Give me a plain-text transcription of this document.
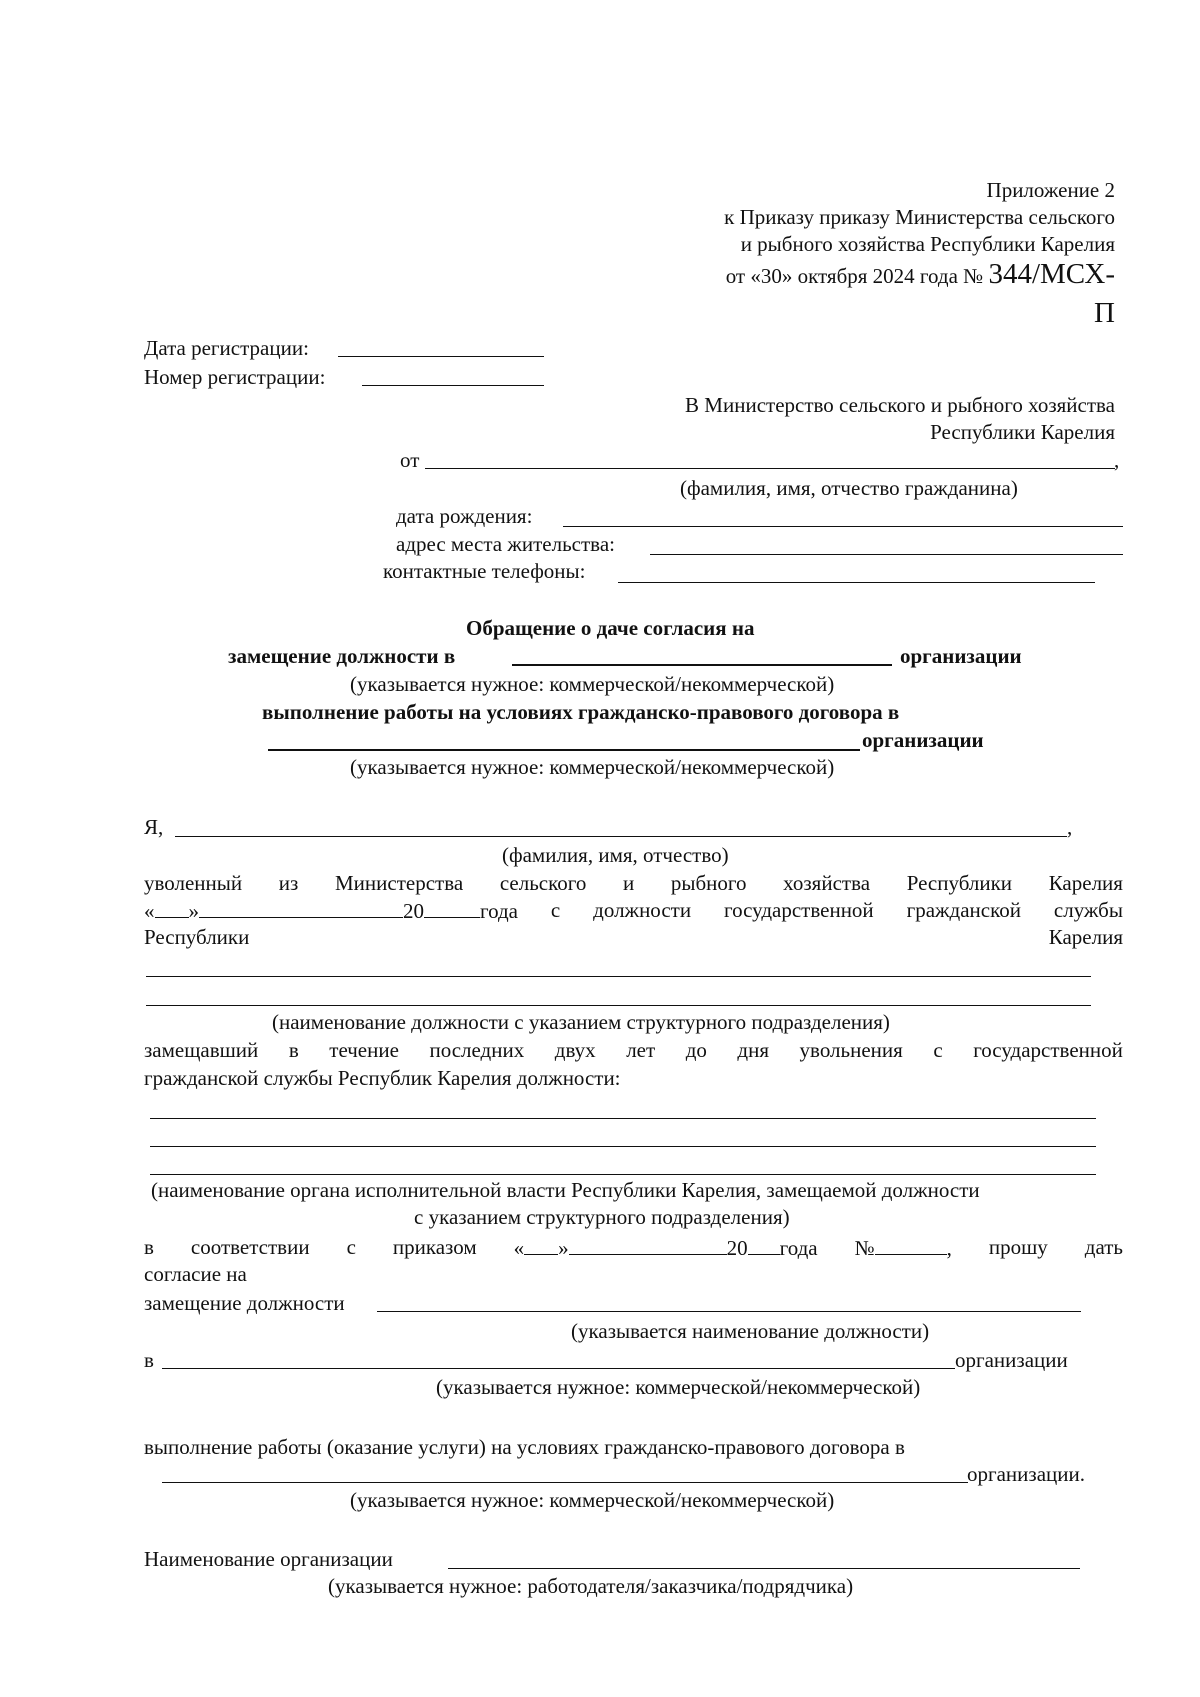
Приложение 2
к Приказу приказу Министерства сельского
и рыбного хозяйства Республики Карелия
от «30» октября 2024 года № 344/МСХ-
П
Дата регистрации:
Номер регистрации:
В Министерство сельского и рыбного хозяйства
Республики Карелия
от	,
(фамилия, имя, отчество гражданина)
дата рождения:
адрес места жительства:
контактные телефоны:
Обращение о даче согласия на
замещение должности в	организации
(указывается нужное: коммерческой/некоммерческой)
выполнение работы на условиях гражданско-правового договора в
организации
(указывается нужное: коммерческой/некоммерческой)
Я,	,
(фамилия, имя, отчество)
уволенный из Министерства сельского и рыбного хозяйства Республики Карелия
« »	20	года с должности государственной гражданской службы
Республики	Карелия
(наименование должности с указанием структурного подразделения)
замещавший в течение последних двух лет до дня увольнения с государственной
гражданской службы Республик Карелия должности:
(наименование органа исполнительной власти Республики Карелия, замещаемой должности
с указанием структурного подразделения)
в соответствии с приказом « »	20 года №	, прошу дать
согласие на
замещение должности
(указывается наименование должности)
в	организации
(указывается нужное: коммерческой/некоммерческой)
выполнение работы (оказание услуги) на условиях гражданско-правового договора в
организации.
(указывается нужное: коммерческой/некоммерческой)
Наименование организации
(указывается нужное: работодателя/заказчика/подрядчика)
